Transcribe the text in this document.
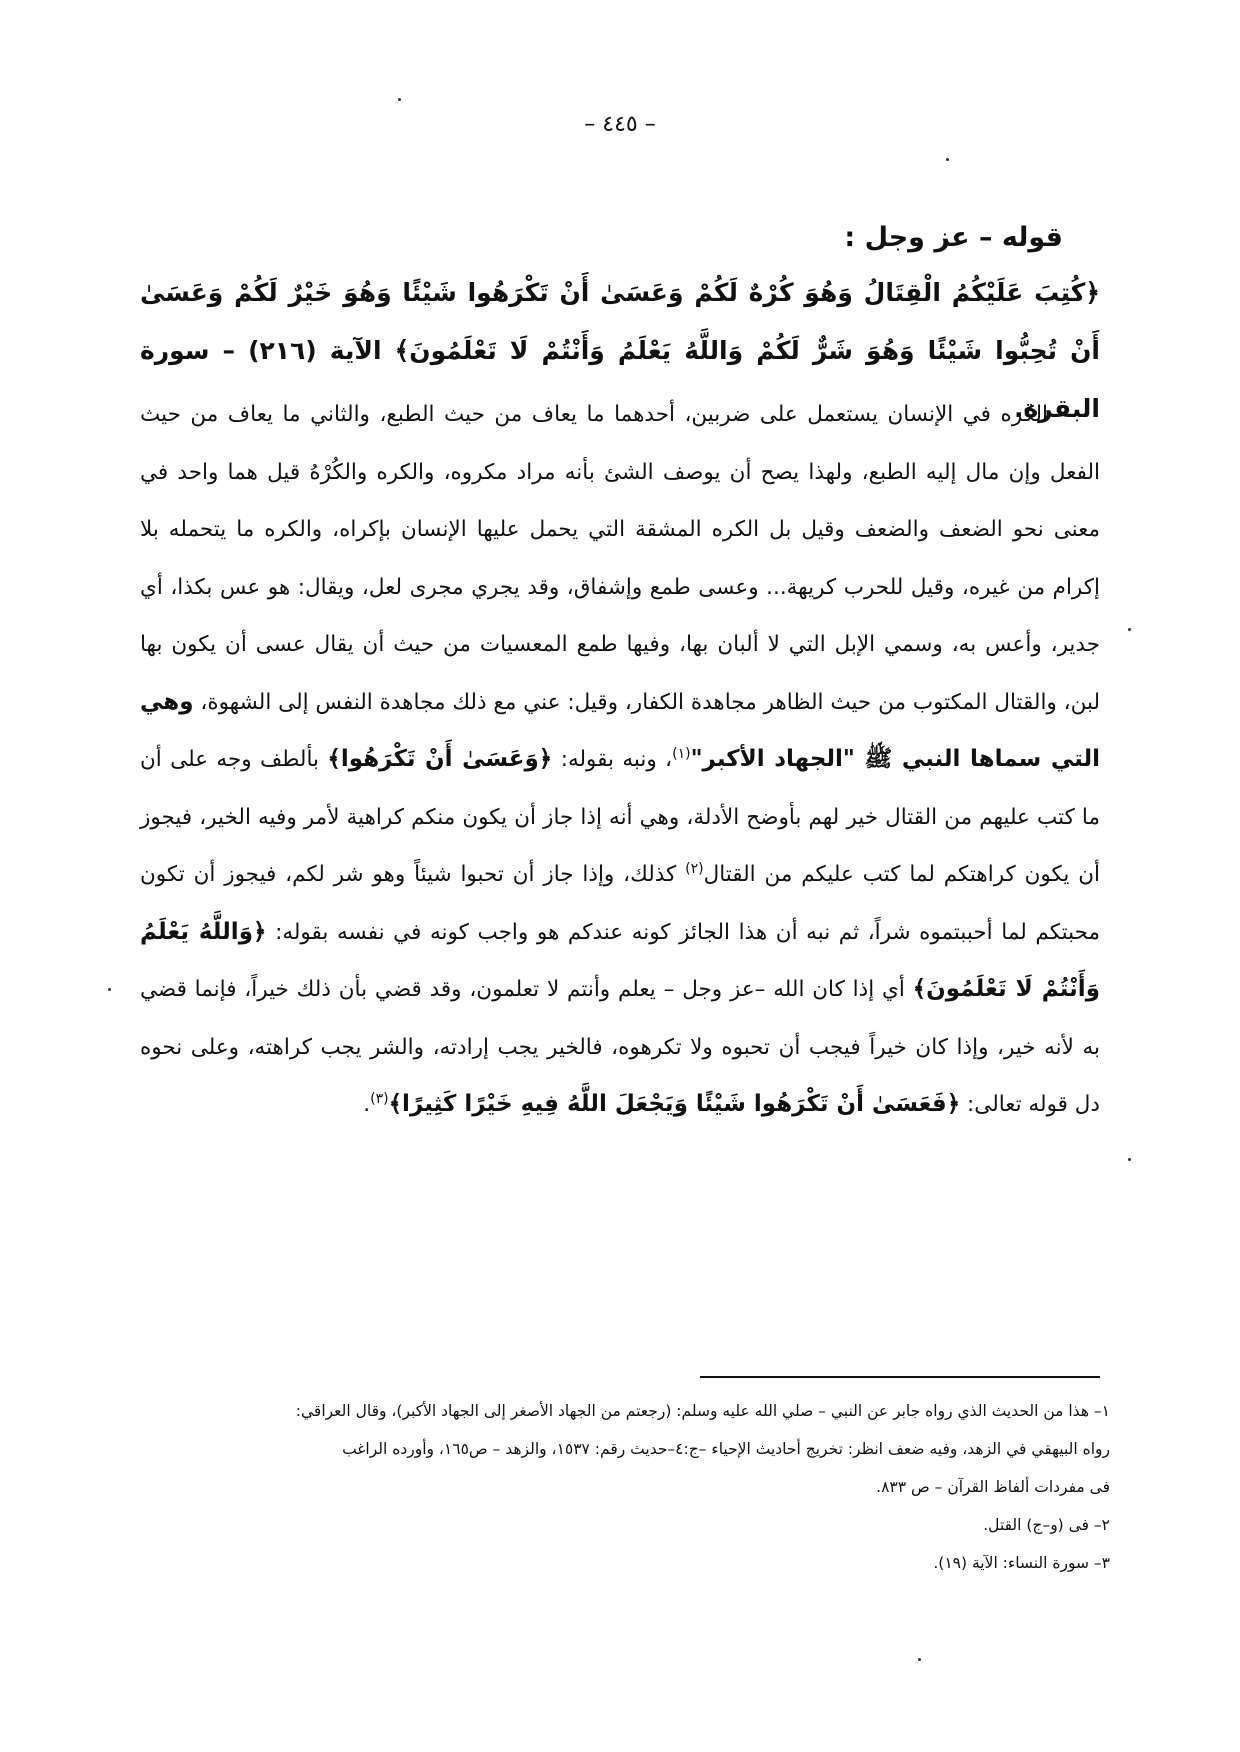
– ٤٤٥ –
قوله – عز وجل :
﴿كُتِبَ عَلَيْكُمُ الْقِتَالُ وَهُوَ كُرْهٌ لَكُمْ وَعَسَىٰ أَنْ تَكْرَهُوا شَيْئًا وَهُوَ خَيْرٌ لَكُمْ وَعَسَىٰ أَنْ تُحِبُّوا شَيْئًا وَهُوَ شَرٌّ لَكُمْ وَاللَّهُ يَعْلَمُ وَأَنْتُمْ لَا تَعْلَمُونَ﴾ الآية (٢١٦) – سورة البقرة.
الكره في الإنسان يستعمل على ضربين، أحدهما ما يعاف من حيث الطبع، والثاني ما يعاف من حيث الفعل وإن مال إليه الطبع، ولهذا يصح أن يوصف الشئ بأنه مراد مكروه، والكره والكُرْهُ قيل هما واحد في معنى نحو الضعف والضعف وقيل بل الكره المشقة التي يحمل عليها الإنسان بإكراه، والكره ما يتحمله بلا إكرام من غيره، وقيل للحرب كريهة... وعسى طمع وإشفاق، وقد يجري مجرى لعل، ويقال: هو عس بكذا، أي جدير، وأعس به، وسمي الإبل التي لا ألبان بها، وفيها طمع المعسيات من حيث أن يقال عسى أن يكون بها لبن، والقتال المكتوب من حيث الظاهر مجاهدة الكفار، وقيل: عني مع ذلك مجاهدة النفس إلى الشهوة، وهي التي سماها النبي ﷺ "الجهاد الأكبر"$^{(١)}$، ونبه بقوله: ﴿وَعَسَىٰ أَنْ تَكْرَهُوا﴾ بألطف وجه على أن ما كتب عليهم من القتال خير لهم بأوضح الأدلة، وهي أنه إذا جاز أن يكون منكم كراهية لأمر وفيه الخير، فيجوز أن يكون كراهتكم لما كتب عليكم من القتال$^{(٢)}$ كذلك، وإذا جاز أن تحبوا شيئاً وهو شر لكم، فيجوز أن تكون محبتكم لما أحببتموه شراً، ثم نبه أن هذا الجائز كونه عندكم هو واجب كونه في نفسه بقوله: ﴿وَاللَّهُ يَعْلَمُ وَأَنْتُمْ لَا تَعْلَمُونَ﴾ أي إذا كان الله –عز وجل – يعلم وأنتم لا تعلمون، وقد قضي بأن ذلك خيراً، فإنما قضي به لأنه خير، وإذا كان خيراً فيجب أن تحبوه ولا تكرهوه، فالخير يجب إرادته، والشر يجب كراهته، وعلى نحوه دل قوله تعالى: ﴿فَعَسَىٰ أَنْ تَكْرَهُوا شَيْئًا وَيَجْعَلَ اللَّهُ فِيهِ خَيْرًا كَثِيرًا﴾$^{(٣)}$.
١– هذا من الحديث الذي رواه جابر عن النبي – صلي الله عليه وسلم: (رجعتم من الجهاد الأصغر إلى الجهاد الأكبر)، وقال العراقي:
رواه البيهقي في الزهد، وفيه ضعف انظر: تخريج أحاديث الإحياء –ج:٤–حديث رقم: ١٥٣٧، والزهد – ص١٦٥، وأورده الراغب
فى مفردات ألفاظ القرآن – ص ٨٣٣.
٢– فى (و–ج) القتل.
٣– سورة النساء: الآية (١٩).
